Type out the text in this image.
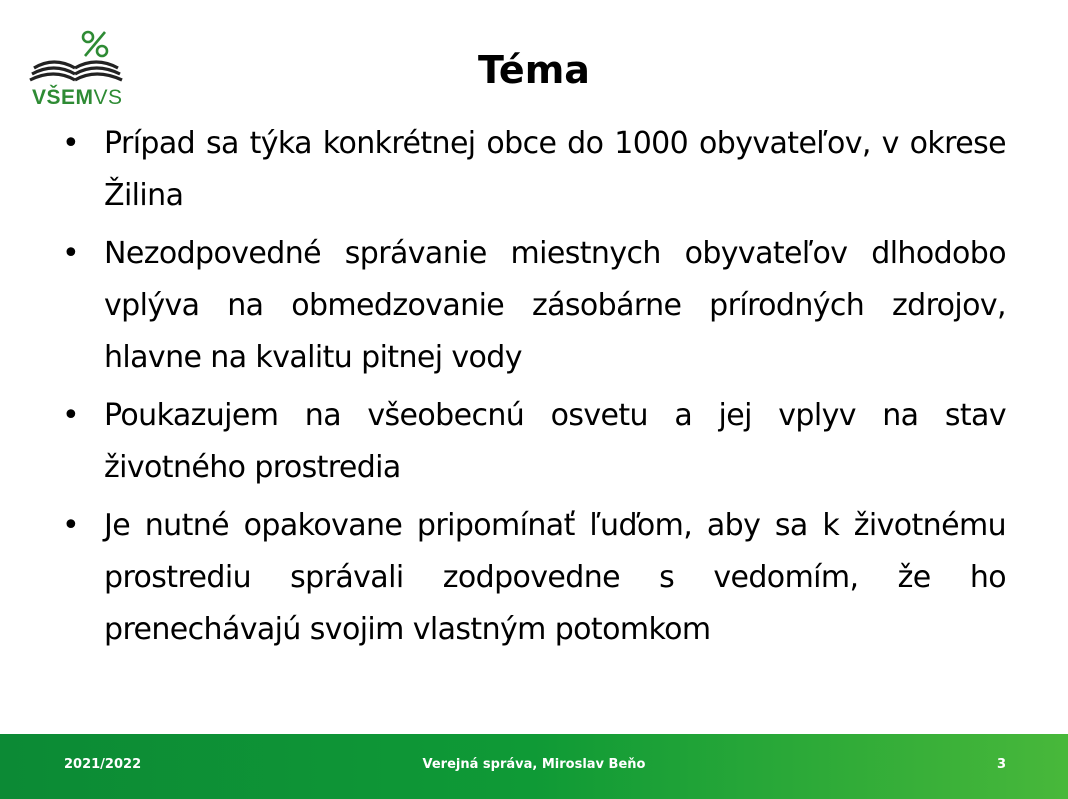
VŠEMVS
Téma
• Prípad sa týka konkrétnej obce do 1000 obyvateľov, v okrese Žilina
• Nezodpovedné správanie miestnych obyvateľov dlhodobo vplýva na obmedzovanie zásobárne prírodných zdrojov, hlavne na kvalitu pitnej vody
• Poukazujem na všeobecnú osvetu a jej vplyv na stav životného prostredia
• Je nutné opakovane pripomínať ľuďom, aby sa k životnému prostrediu správali zodpovedne s vedomím, že ho prenechávajú svojim vlastným potomkom
2021/2022	Verejná správa, Miroslav Beňo	3
